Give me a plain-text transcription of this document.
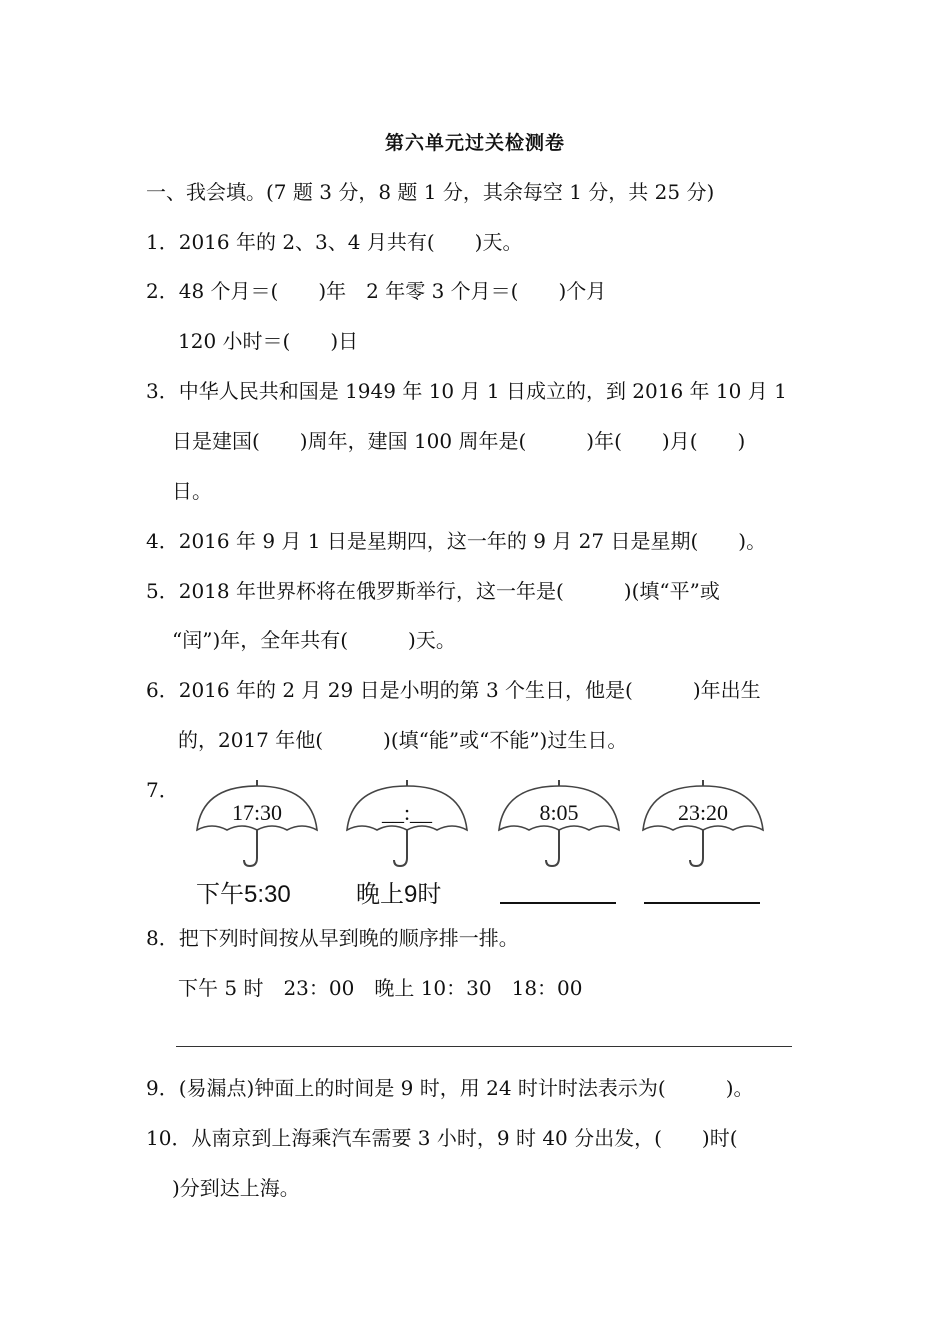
第六单元过关检测卷
一、我会填。(7 题 3 分，8 题 1 分，其余每空 1 分，共 25 分)
1．2016 年的 2、3、4 月共有(　　)天。
2．48 个月＝(　　)年　2 年零 3 个月＝(　　)个月
120 小时＝(　　)日
3．中华人民共和国是 1949 年 10 月 1 日成立的，到 2016 年 10 月 1
日是建国(　　)周年，建国 100 周年是(　　　)年(　　)月(　　)
日。
4．2016 年 9 月 1 日是星期四，这一年的 9 月 27 日是星期(　　)。
5．2018 年世界杯将在俄罗斯举行，这一年是(　　　)(填“平”或
“闰”)年，全年共有(　　　)天。
6．2016 年的 2 月 29 日是小明的第 3 个生日，他是(　　　)年出生
的，2017 年他(　　　)(填“能”或“不能”)过生日。
7．
17:30	__:__	8:05	23:20
下午5:30	晚上9时
8．把下列时间按从早到晚的顺序排一排。
下午 5 时　23：00　晚上 10：30　18：00
9．(易漏点)钟面上的时间是 9 时，用 24 时计时法表示为(　　　)。
10．从南京到上海乘汽车需要 3 小时，9 时 40 分出发，(　　)时(
)分到达上海。
